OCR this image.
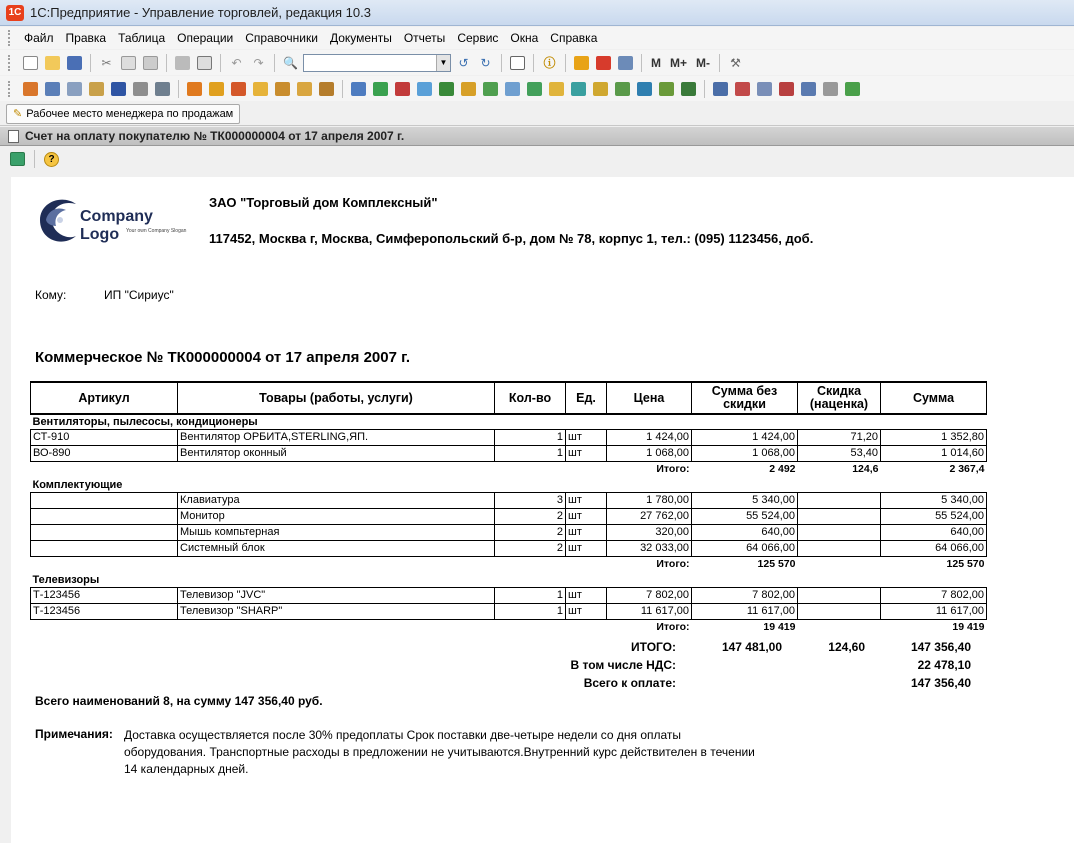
1С 1С:Предприятие - Управление торговлей, редакция 10.3
Файл	Правка	Таблица	Операции	Справочники	Документы	Отчеты	Сервис	Окна	Справка
✂	↶ ↷	🔍	▼ ↺ ↻	ⓘ	M M+ M-	⚒
✎ Рабочее место менеджера по продажам
Счет на оплату покупателю № ТК000000004 от 17 апреля 2007 г.
?
Company Logo	Your own Company Slogan
ЗАО "Торговый дом Комплексный"
117452, Москва г, Москва, Симферопольский б-р, дом № 78, корпус 1, тел.: (095) 1123456, доб.
Кому:	ИП "Сириус"
Коммерческое № ТК000000004 от 17 апреля 2007 г.
Артикул	Товары (работы, услуги)	Кол-во	Ед.	Цена	Сумма без скидки	Скидка (наценка)	Сумма
Вентиляторы, пылесосы, кондиционеры							
СТ-910	Вентилятор ОРБИТА,STERLING,ЯП.	1	шт	1 424,00	1 424,00	71,20	1 352,80
ВО-890	Вентилятор оконный	1	шт	1 068,00	1 068,00	53,40	1 014,60
				Итого:	2 492	124,6	2 367,4
Комплектующие							
	Клавиатура	3	шт	1 780,00	5 340,00		5 340,00
	Монитор	2	шт	27 762,00	55 524,00		55 524,00
	Мышь компьтерная	2	шт	320,00	640,00		640,00
	Системный блок	2	шт	32 033,00	64 066,00		64 066,00
				Итого:	125 570		125 570
Телевизоры							
Т-123456	Телевизор "JVC"	1	шт	7 802,00	7 802,00		7 802,00
Т-123456	Телевизор "SHARP"	1	шт	11 617,00	11 617,00		11 617,00
				Итого:	19 419		19 419
ИТОГО:	147 481,00	124,60	147 356,40
В том числе НДС:	22 478,10
Всего к оплате:	147 356,40
Всего наименований 8, на сумму 147 356,40 руб.
Примечания: Доставка осуществляется после 30% предоплаты Срок поставки две-четыре недели со дня оплаты оборудования. Транспортные расходы в предложении не учитываются.Внутренний курс действителен в течении 14 календарных дней.
